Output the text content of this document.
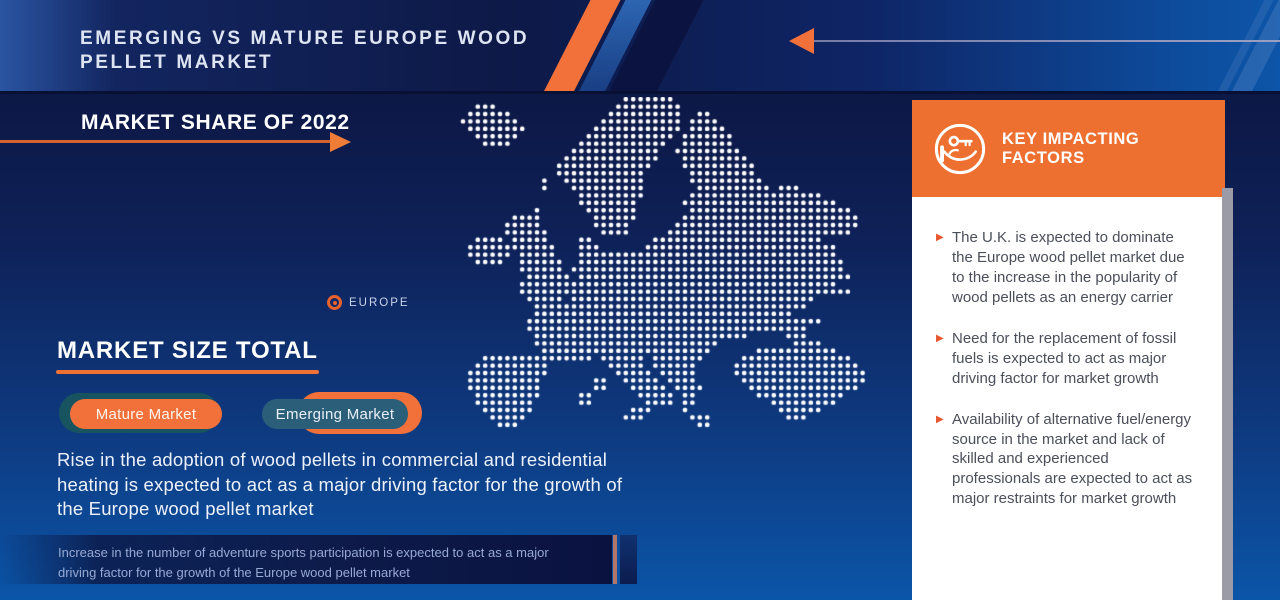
EMERGING VS MATURE EUROPE WOOD PELLET MARKET
MARKET SHARE OF 2022
EUROPE
MARKET SIZE TOTAL
Mature Market	Emerging Market
Rise in the adoption of wood pellets in commercial and residential heating is expected to act as a major driving factor for the growth of the Europe wood pellet market
Increase in the number of adventure sports participation is expected to act as a major driving factor for the growth of the Europe wood pellet market
KEY IMPACTING FACTORS
▶ The U.K. is expected to dominate the Europe wood pellet market due to the increase in the popularity of wood pellets as an energy carrier
▶ Need for the replacement of fossil fuels is expected to act as major driving factor for market growth
▶ Availability of alternative fuel/energy source in the market and lack of skilled and experienced professionals are expected to act as major restraints for market growth
